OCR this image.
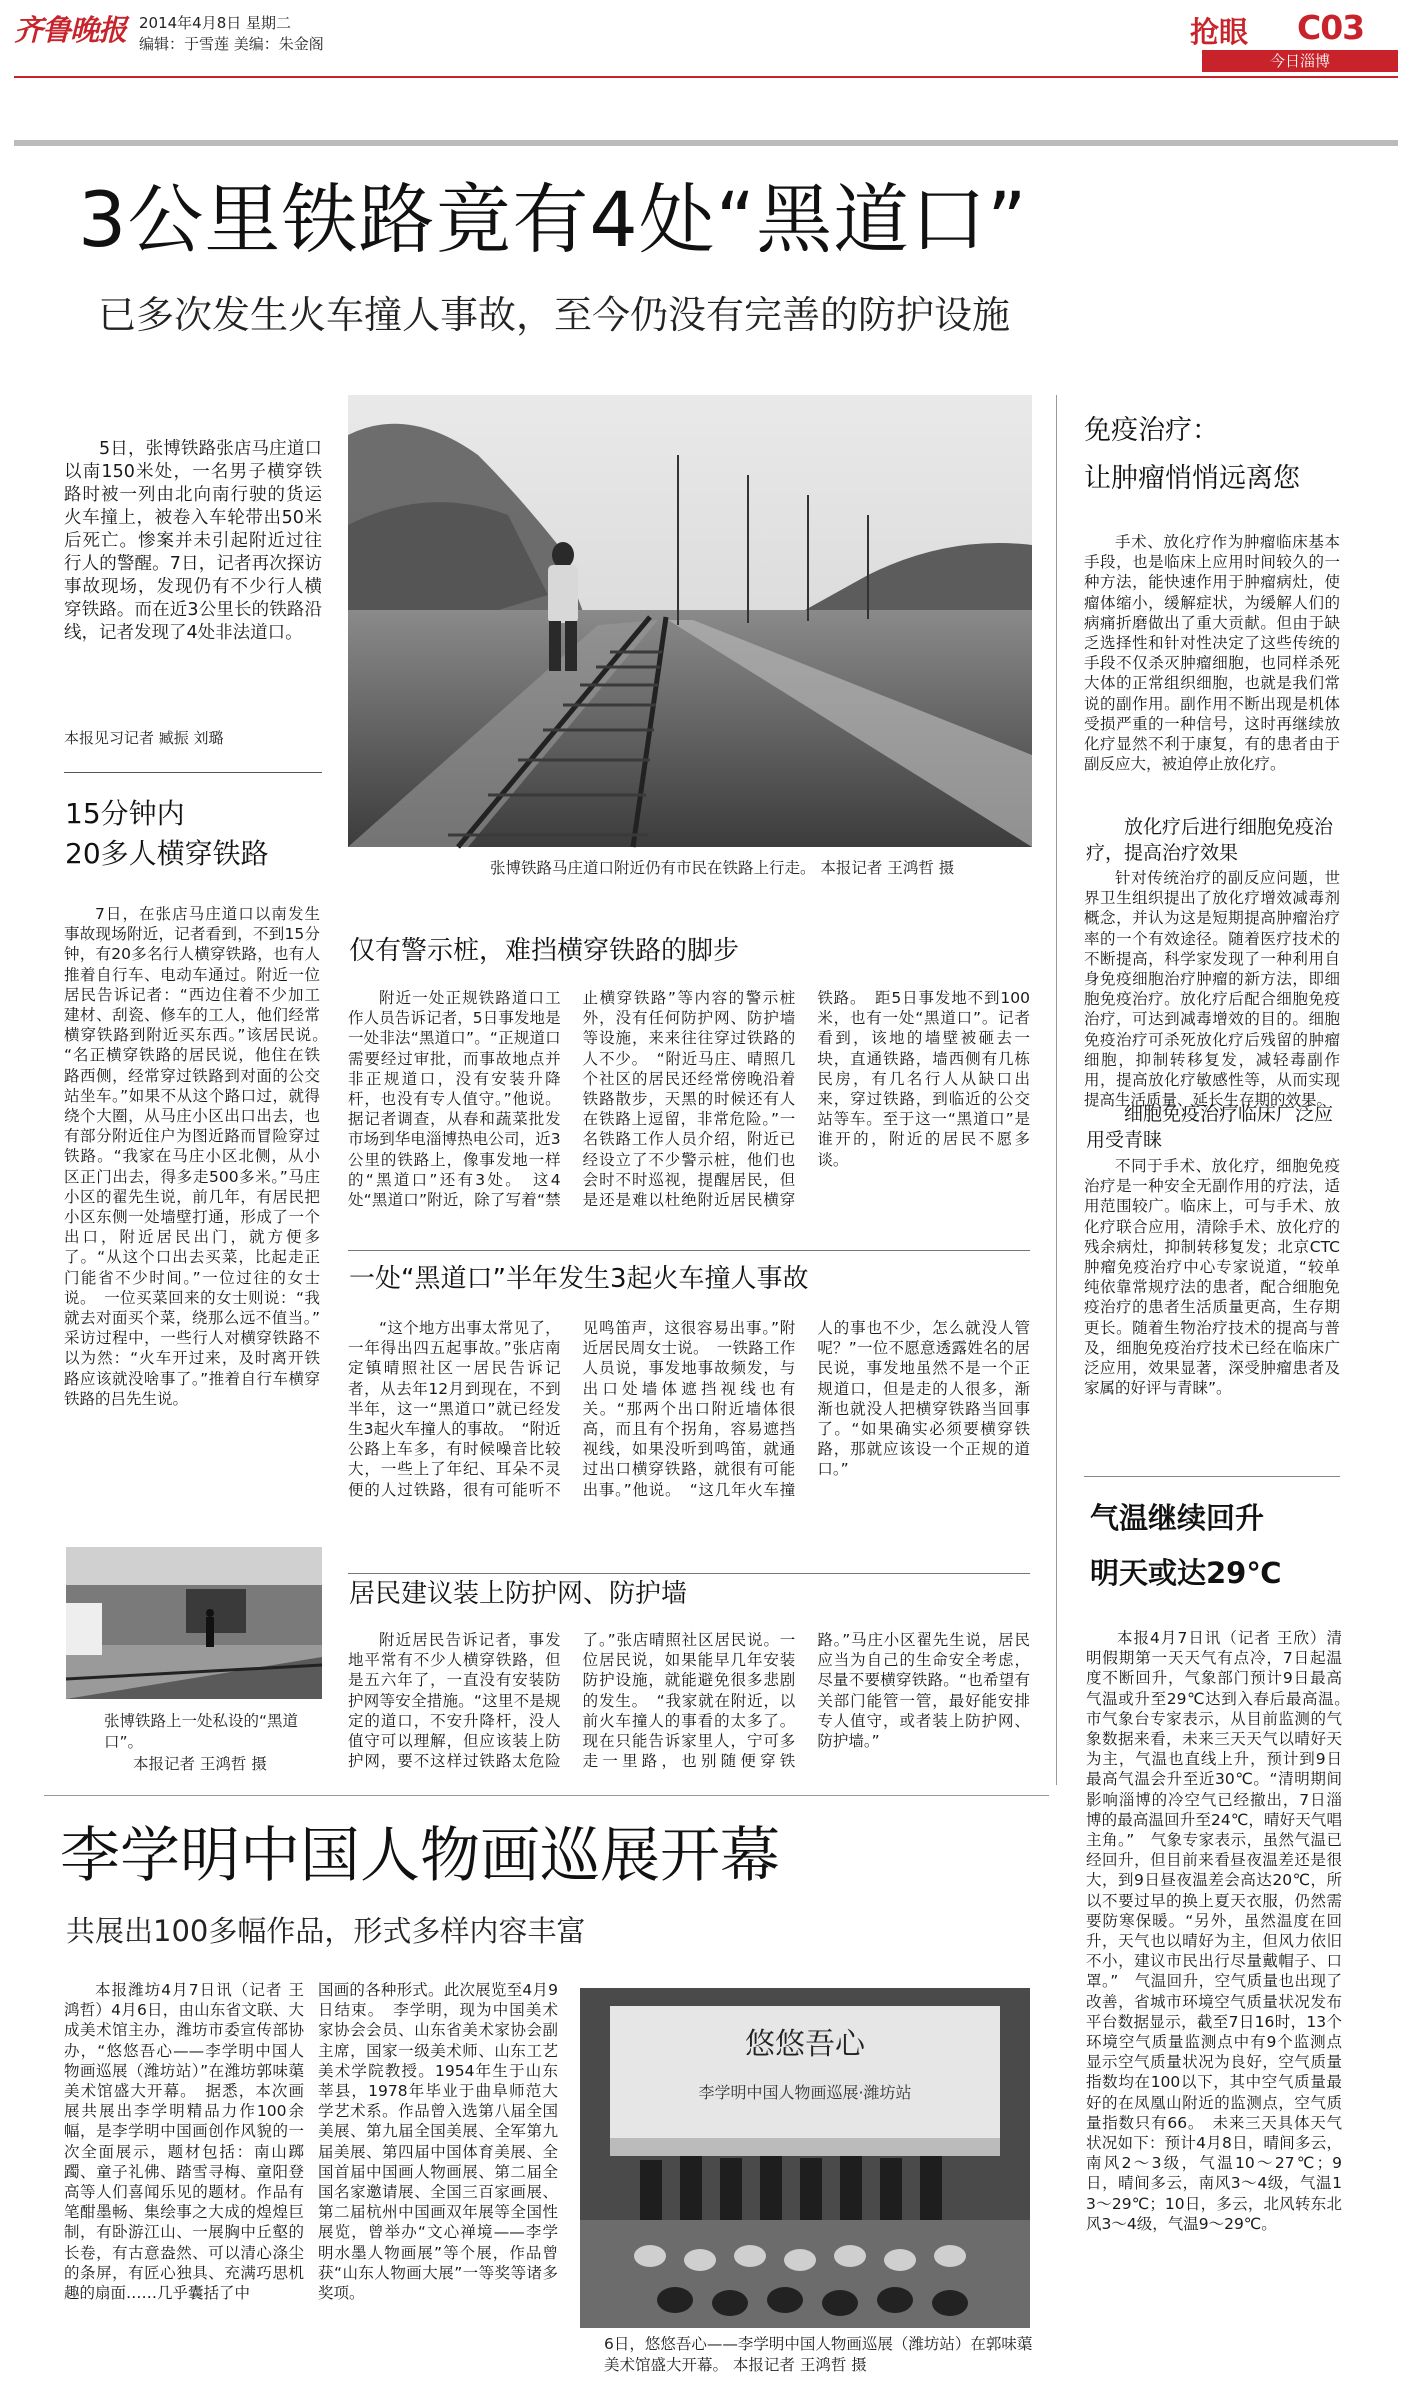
齐鲁晚报 2014年4月8日 星期二
编辑：于雪莲 美编：朱金阁	抢眼 C03
今日淄博
3公里铁路竟有4处“黑道口”
已多次发生火车撞人事故，至今仍没有完善的防护设施
5日，张博铁路张店马庄道口以南150米处，一名男子横穿铁路时被一列由北向南行驶的货运火车撞上，被卷入车轮带出50米后死亡。惨案并未引起附近过往行人的警醒。7日，记者再次探访事故现场，发现仍有不少行人横穿铁路。而在近3公里长的铁路沿线，记者发现了4处非法道口。
本报见习记者 臧振 刘璐
张博铁路马庄道口附近仍有市民在铁路上行走。 本报记者 王鸿哲 摄
15分钟内
20多人横穿铁路
7日，在张店马庄道口以南发生事故现场附近，记者看到，不到15分钟，有20多名行人横穿铁路，也有人推着自行车、电动车通过。附近一位居民告诉记者：“西边住着不少加工建材、刮瓷、修车的工人，他们经常横穿铁路到附近买东西。”该居民说。　“名正横穿铁路的居民说，他住在铁路西侧，经常穿过铁路到对面的公交站坐车。”如果不从这个路口过，就得绕个大圈，从马庄小区出口出去，也有部分附近住户为图近路而冒险穿过铁路。“我家在马庄小区北侧，从小区正门出去，得多走500多米。”马庄小区的翟先生说，前几年，有居民把小区东侧一处墙壁打通，形成了一个出口，附近居民出门，就方便多了。“从这个口出去买菜，比起走正门能省不少时间。”一位过往的女士说。　一位买菜回来的女士则说：“我就去对面买个菜，绕那么远不值当。”　采访过程中，一些行人对横穿铁路不以为然：“火车开过来，及时离开铁路应该就没啥事了。”推着自行车横穿铁路的吕先生说。
张博铁路上一处私设的“黑道口”。
本报记者 王鸿哲 摄
仅有警示桩，难挡横穿铁路的脚步
附近一处正规铁路道口工作人员告诉记者，5日事发地是一处非法“黑道口”。“正规道口需要经过审批，而事故地点并非正规道口，没有安装升降杆，也没有专人值守。”他说。据记者调查，从春和蔬菜批发市场到华电淄博热电公司，近3公里的铁路上，像事发地一样的“黑道口”还有3处。　这4处“黑道口”附近，除了写着“禁止横穿铁路”等内容的警示桩外，没有任何防护网、防护墙等设施，来来往往穿过铁路的人不少。　“附近马庄、晴照几个社区的居民还经常傍晚沿着铁路散步，天黑的时候还有人在铁路上逗留，非常危险。”一名铁路工作人员介绍，附近已经设立了不少警示桩，他们也会时不时巡视，提醒居民，但是还是难以杜绝附近居民横穿铁路。　距5日事发地不到100米，也有一处“黑道口”。记者看到，该地的墙壁被砸去一块，直通铁路，墙西侧有几栋民房，有几名行人从缺口出来，穿过铁路，到临近的公交站等车。至于这一“黑道口”是谁开的，附近的居民不愿多谈。
一处“黑道口”半年发生3起火车撞人事故
“这个地方出事太常见了，一年得出四五起事故。”张店南定镇晴照社区一居民告诉记者，从去年12月到现在，不到半年，这一“黑道口”就已经发生3起火车撞人的事故。　“附近公路上车多，有时候噪音比较大，一些上了年纪、耳朵不灵便的人过铁路，很有可能听不见鸣笛声，这很容易出事。”附近居民周女士说。　一铁路工作人员说，事发地事故频发，与出口处墙体遮挡视线也有关。“那两个出口附近墙体很高，而且有个拐角，容易遮挡视线，如果没听到鸣笛，就通过出口横穿铁路，就很有可能出事。”他说。　“这几年火车撞人的事也不少，怎么就没人管呢？”一位不愿意透露姓名的居民说，事发地虽然不是一个正规道口，但是走的人很多，渐渐也就没人把横穿铁路当回事了。“如果确实必须要横穿铁路，那就应该设一个正规的道口。”
居民建议装上防护网、防护墙
附近居民告诉记者，事发地平常有不少人横穿铁路，但是五六年了，一直没有安装防护网等安全措施。“这里不是规定的道口，不安升降杆，没人值守可以理解，但应该装上防护网，要不这样过铁路太危险了。”张店晴照社区居民说。一位居民说，如果能早几年安装防护设施，就能避免很多悲剧的发生。　“我家就在附近，以前火车撞人的事看的太多了。现在只能告诉家里人，宁可多走一里路，也别随便穿铁路。”马庄小区翟先生说，居民应当为自己的生命安全考虑，尽量不要横穿铁路。“也希望有关部门能管一管，最好能安排专人值守，或者装上防护网、防护墙。”
免疫治疗：
让肿瘤悄悄远离您
手术、放化疗作为肿瘤临床基本手段，也是临床上应用时间较久的一种方法，能快速作用于肿瘤病灶，使瘤体缩小，缓解症状，为缓解人们的病痛折磨做出了重大贡献。但由于缺乏选择性和针对性决定了这些传统的手段不仅杀灭肿瘤细胞，也同样杀死大体的正常组织细胞，也就是我们常说的副作用。副作用不断出现是机体受损严重的一种信号，这时再继续放化疗显然不利于康复，有的患者由于副反应大，被迫停止放化疗。
放化疗后进行细胞免疫治疗，提高治疗效果
针对传统治疗的副反应问题，世界卫生组织提出了放化疗增效减毒剂概念，并认为这是短期提高肿瘤治疗率的一个有效途径。随着医疗技术的不断提高，科学家发现了一种利用自身免疫细胞治疗肿瘤的新方法，即细胞免疫治疗。放化疗后配合细胞免疫治疗，可达到减毒增效的目的。细胞免疫治疗可杀死放化疗后残留的肿瘤细胞，抑制转移复发，减轻毒副作用，提高放化疗敏感性等，从而实现提高生活质量、延长生存期的效果。
细胞免疫治疗临床广泛应用受青睐
不同于手术、放化疗，细胞免疫治疗是一种安全无副作用的疗法，适用范围较广。临床上，可与手术、放化疗联合应用，清除手术、放化疗的残余病灶，抑制转移复发；北京CTC肿瘤免疫治疗中心专家说道，“较单纯依靠常规疗法的患者，配合细胞免疫治疗的患者生活质量更高，生存期更长。随着生物治疗技术的提高与普及，细胞免疫治疗技术已经在临床广泛应用，效果显著，深受肿瘤患者及家属的好评与青睐”。
气温继续回升
明天或达29℃
本报4月7日讯（记者 王欣）清明假期第一天天气有点冷，7日起温度不断回升，气象部门预计9日最高气温或升至29℃达到入春后最高温。　市气象台专家表示，从目前监测的气象数据来看，未来三天天气以晴好天为主，气温也直线上升，预计到9日最高气温会升至近30℃。“清明期间影响淄博的冷空气已经撤出，7日淄博的最高温回升至24℃，晴好天气唱主角。”　气象专家表示，虽然气温已经回升，但目前来看昼夜温差还是很大，到9日昼夜温差会高达20℃，所以不要过早的换上夏天衣服，仍然需要防寒保暖。“另外，虽然温度在回升，天气也以晴好为主，但风力依旧不小，建议市民出行尽量戴帽子、口罩。”　气温回升，空气质量也出现了改善，省城市环境空气质量状况发布平台数据显示，截至7日16时，13个环境空气质量监测点中有9个监测点显示空气质量状况为良好，空气质量指数均在100以下，其中空气质量最好的在凤凰山附近的监测点，空气质量指数只有66。　未来三天具体天气状况如下：预计4月8日，晴间多云，南风2～3级，气温10～27℃；9日，晴间多云，南风3～4级，气温13～29℃；10日，多云，北风转东北风3～4级，气温9～29℃。
李学明中国人物画巡展开幕
共展出100多幅作品，形式多样内容丰富
本报潍坊4月7日讯（记者 王鸿哲）4月6日，由山东省文联、大成美术馆主办，潍坊市委宣传部协办，“悠悠吾心——李学明中国人物画巡展（潍坊站）”在潍坊郭味蕖美术馆盛大开幕。　据悉，本次画展共展出李学明精品力作100余幅，是李学明中国画创作风貌的一次全面展示，题材包括：南山踯躅、童子礼佛、踏雪寻梅、童阳登高等人们喜闻乐见的题材。作品有笔酣墨畅、集绘事之大成的煌煌巨制，有卧游江山、一展胸中丘壑的长卷，有古意盎然、可以清心涤尘的条屏，有匠心独具、充满巧思机趣的扇面……几乎囊括了中
国画的各种形式。此次展览至4月9日结束。　李学明，现为中国美术家协会会员、山东省美术家协会副主席，国家一级美术师、山东工艺美术学院教授。1954年生于山东莘县，1978年毕业于曲阜师范大学艺术系。作品曾入选第八届全国美展、第九届全国美展、全军第九届美展、第四届中国体育美展、全国首届中国画人物画展、第二届全国名家邀请展、全国三百家画展、第二届杭州中国画双年展等全国性展览，曾举办“文心禅境——李学明水墨人物画展”等个展，作品曾获“山东人物画大展”一等奖等诸多奖项。
悠悠吾心
李学明中国人物画巡展·潍坊站
6日，悠悠吾心——李学明中国人物画巡展（潍坊站）在郭味蕖美术馆盛大开幕。 本报记者 王鸿哲 摄
